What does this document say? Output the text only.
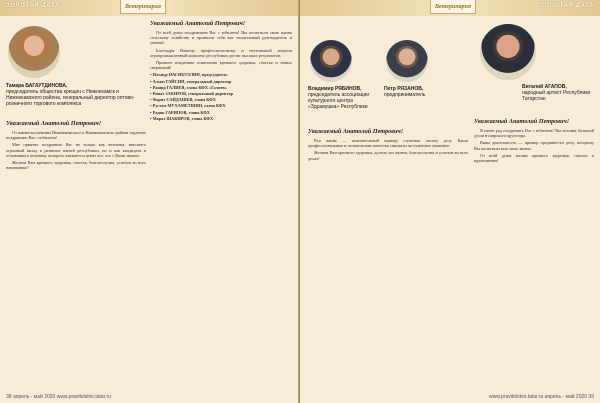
ЗОЛОТАЯ ДАТА	Ветеринария
Тамара БАГАУТДИНОВА,
председатель общества крещен с Нижнекамск и Нижнекамского района, генеральный директор оптово-розничного торгового комплекса
Уважаемый Анатолий Петрович!

От имени коллектива Нижнекамского и Нижнекамского района сердечно поздравляю Вас с юбилеем!

Мне приятно поздравить Вас не только как человека, внесшего огромный вклад в развитие нашей республики, но и как кандидата и отзывчивого человека, которого уважают и ценят все, кто с Вами знаком.

Желаем Вам крепкого здоровья, счастья, благополучия, успехов во всех начинаниях!

Уважаемый Анатолий Петрович!

От всей души поздравляем Вас с юбилеем! Вы посвятили свою жизнь сельскому хозяйству и проявили себя как талантливый руководитель и ученый.

Благодаря Вашему профессионализму и неутомимой энергии агропромышленный комплекс республики достиг высоких результатов.

Примите искренние пожелания крепкого здоровья, счастья и новых свершений!

• Ильнур НАСИБУЛЛИН, председатель
• Алмаз ГАЙСИН, генеральный директор
• Рашид ГАЛИЕВ, глава КФХ «Галиев»
• Ринат ЗАКИРОВ, генеральный директор
• Фарит САЙДАШЕВ, глава КФХ
• Рустам МУХАМЕТШИН, глава КФХ
• Радик ГАРИПОВ, глава КФХ
• Марат ШАКИРОВ, глава КФХ
38 апрель - май 2020 www.pravitelstvo.tatar.ru
Ветеринария	ЗОЛОТАЯ ДАТА
Владимир РЯБИНОВ,
председатель ассоциации культурного центра «Здравушка» Республики
Петр РЯЗАНОВ,
предприниматель
Виталий АГАПОВ,
народный артист Республики Татарстан
Уважаемый Анатолий Петрович!

Вся жизнь — замечательный пример служения своему делу. Ваши профессиональные и человеческие качества снискали заслуженное уважение.

Желаем Вам крепкого здоровья, долгих лет жизни, благополучия и успехов во всех делах!

Уважаемый Анатолий Петрович!

Я очень рад поздравить Вас с юбилеем! Вы человек большой души и широкого кругозора.

Ваша деятельность — пример преданности делу, которому Вы посвятили всю свою жизнь.

От всей души желаю крепкого здоровья, счастья и вдохновения!

www.pravitelstvo.tatar.ru апрель - май 2020 39
